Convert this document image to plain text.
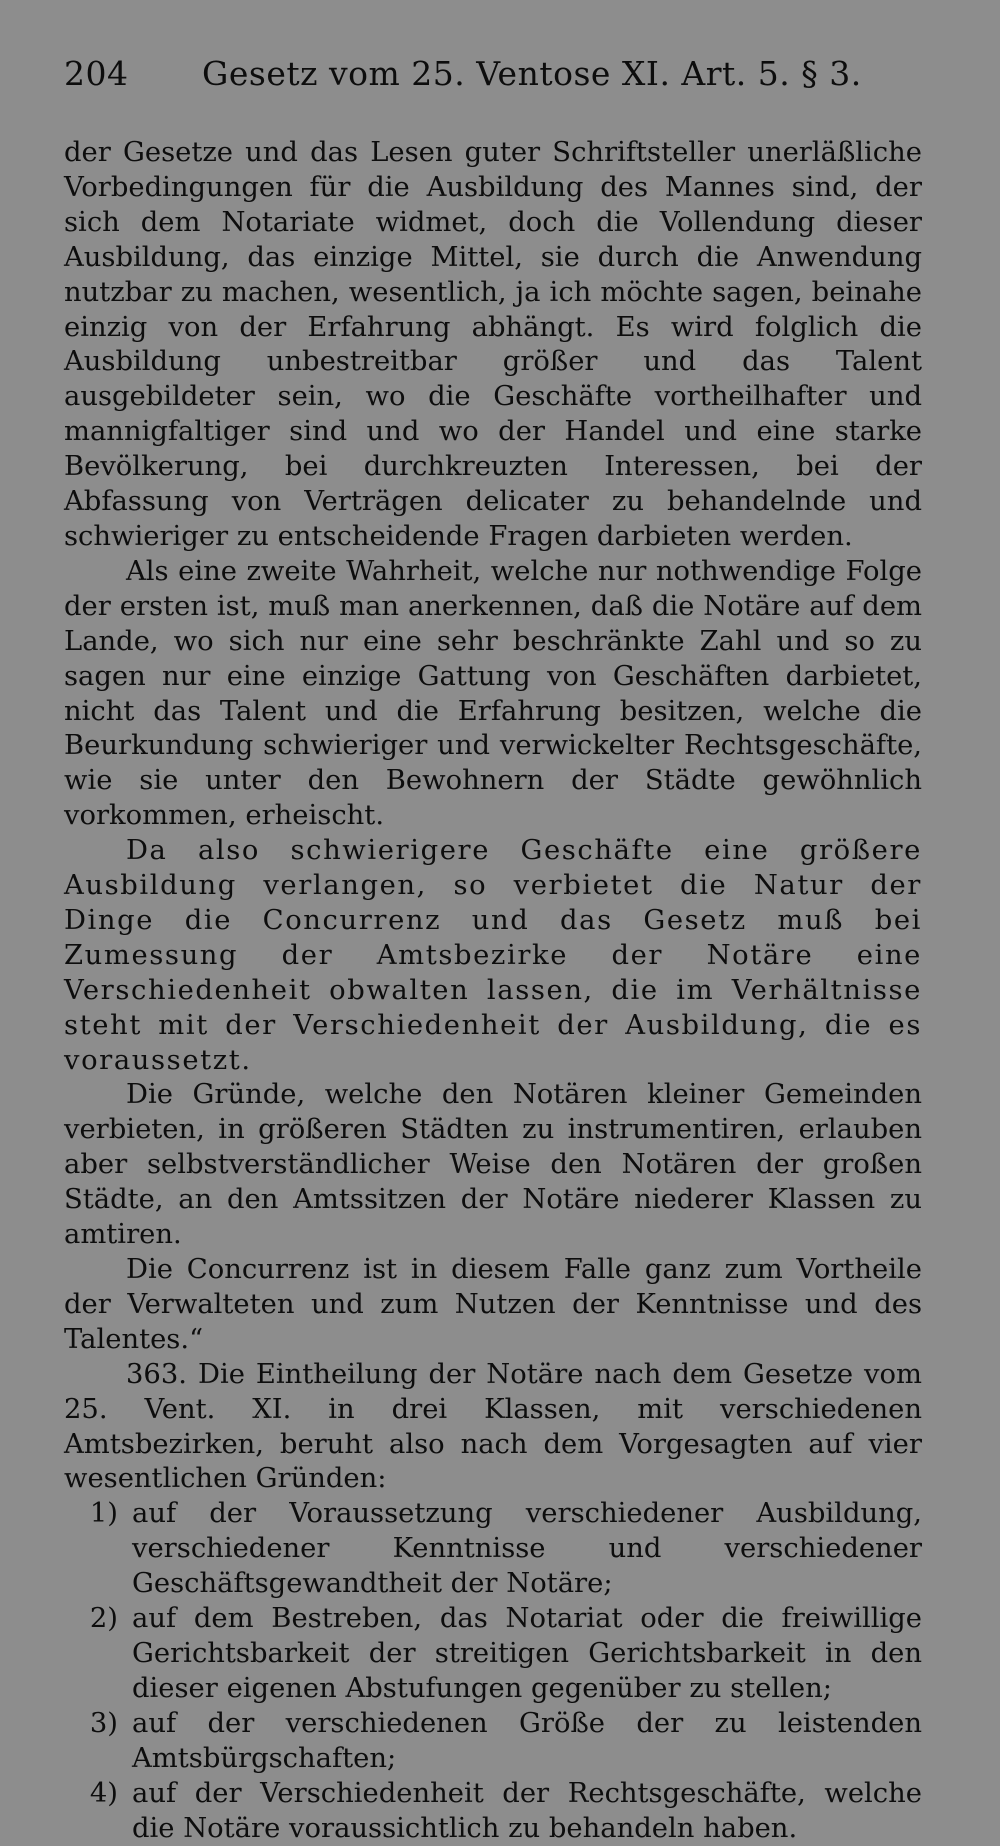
204	Gesetz vom 25. Ventose XI. Art. 5. § 3.

der Gesetze und das Lesen guter Schriftsteller unerläßliche Vorbedingungen für die Ausbildung des Mannes sind, der sich dem Notariate widmet, doch die Vollendung dieser Ausbildung, das einzige Mittel, sie durch die Anwendung nutzbar zu machen, wesentlich, ja ich möchte sagen, beinahe einzig von der Erfahrung abhängt. Es wird folglich die Ausbildung unbestreitbar größer und das Talent ausgebildeter sein, wo die Geschäfte vortheilhafter und mannigfaltiger sind und wo der Handel und eine starke Bevölkerung, bei durchkreuzten Interessen, bei der Abfassung von Verträgen delicater zu behandelnde und schwieriger zu entscheidende Fragen darbieten werden.

Als eine zweite Wahrheit, welche nur nothwendige Folge der ersten ist, muß man anerkennen, daß die Notäre auf dem Lande, wo sich nur eine sehr beschränkte Zahl und so zu sagen nur eine einzige Gattung von Geschäften darbietet, nicht das Talent und die Erfahrung besitzen, welche die Beurkundung schwieriger und verwickelter Rechtsgeschäfte, wie sie unter den Bewohnern der Städte gewöhnlich vorkommen, erheischt.

Da also schwierigere Geschäfte eine größere Ausbildung verlangen, so verbietet die Natur der Dinge die Concurrenz und das Gesetz muß bei Zumessung der Amtsbezirke der Notäre eine Verschiedenheit obwalten lassen, die im Verhältnisse steht mit der Verschiedenheit der Ausbildung, die es voraussetzt.

Die Gründe, welche den Notären kleiner Gemeinden verbieten, in größeren Städten zu instrumentiren, erlauben aber selbstverständlicher Weise den Notären der großen Städte, an den Amtssitzen der Notäre niederer Klassen zu amtiren.

Die Concurrenz ist in diesem Falle ganz zum Vortheile der Verwalteten und zum Nutzen der Kenntnisse und des Talentes.“

363. Die Eintheilung der Notäre nach dem Gesetze vom 25. Vent. XI. in drei Klassen, mit verschiedenen Amtsbezirken, beruht also nach dem Vorgesagten auf vier wesentlichen Gründen:

1) auf der Voraussetzung verschiedener Ausbildung, verschiedener Kenntnisse und verschiedener Geschäftsgewandtheit der Notäre;
2) auf dem Bestreben, das Notariat oder die freiwillige Gerichtsbarkeit der streitigen Gerichtsbarkeit in den dieser eigenen Abstufungen gegenüber zu stellen;
3) auf der verschiedenen Größe der zu leistenden Amtsbürgschaften;
4) auf der Verschiedenheit der Rechtsgeschäfte, welche die Notäre voraussichtlich zu behandeln haben.
